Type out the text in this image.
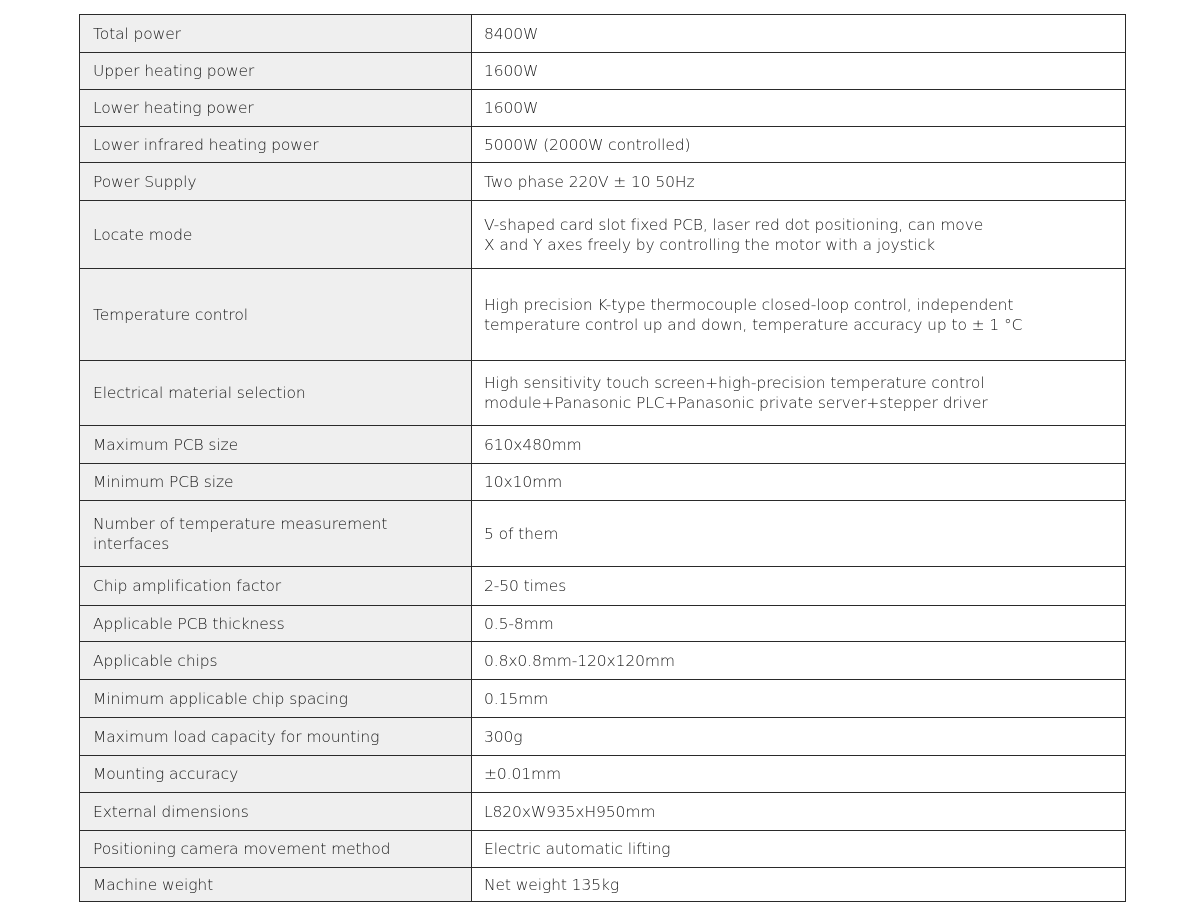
Total power	8400W
Upper heating power	1600W
Lower heating power	1600W
Lower infrared heating power	5000W (2000W controlled)
Power Supply	Two phase 220V ± 10 50Hz
Locate mode	V-shaped card slot fixed PCB, laser red dot positioning, can move
X and Y axes freely by controlling the motor with a joystick
Temperature control	High precision K-type thermocouple closed-loop control, independent
temperature control up and down, temperature accuracy up to ± 1 °C
Electrical material selection	High sensitivity touch screen+high-precision temperature control
module+Panasonic PLC+Panasonic private server+stepper driver
Maximum PCB size	610x480mm
Minimum PCB size	10x10mm
Number of temperature measurement
interfaces	5 of them
Chip amplification factor	2-50 times
Applicable PCB thickness	0.5-8mm
Applicable chips	0.8x0.8mm-120x120mm
Minimum applicable chip spacing	0.15mm
Maximum load capacity for mounting	300g
Mounting accuracy	±0.01mm
External dimensions	L820xW935xH950mm
Positioning camera movement method	Electric automatic lifting
Machine weight	Net weight 135kg
